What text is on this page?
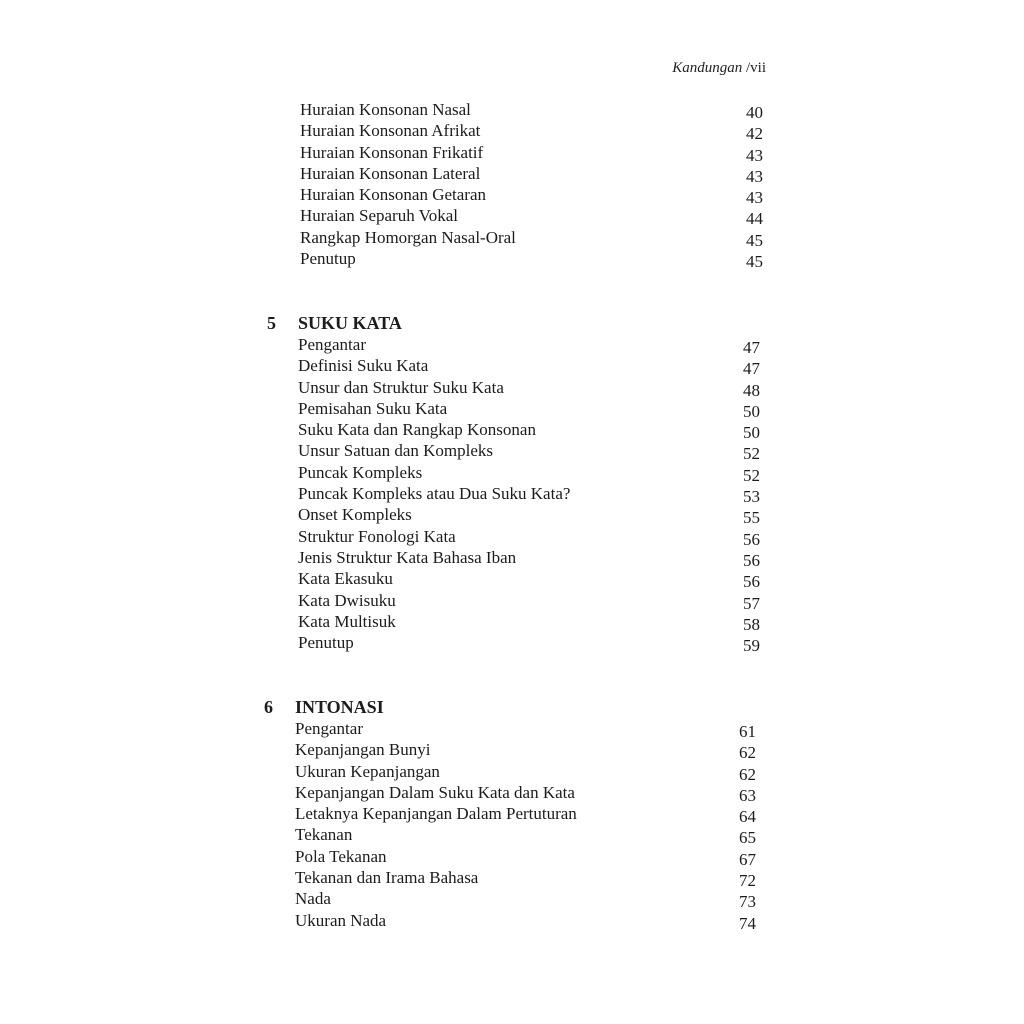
Kandungan /vii
Huraian Konsonan Nasal	40
Huraian Konsonan Afrikat	42
Huraian Konsonan Frikatif	43
Huraian Konsonan Lateral	43
Huraian Konsonan Getaran	43
Huraian Separuh Vokal	44
Rangkap Homorgan Nasal-Oral	45
Penutup	45
5 SUKU KATA
Pengantar	47
Definisi Suku Kata	47
Unsur dan Struktur Suku Kata	48
Pemisahan Suku Kata	50
Suku Kata dan Rangkap Konsonan	50
Unsur Satuan dan Kompleks	52
Puncak Kompleks	52
Puncak Kompleks atau Dua Suku Kata?	53
Onset Kompleks	55
Struktur Fonologi Kata	56
Jenis Struktur Kata Bahasa Iban	56
Kata Ekasuku	56
Kata Dwisuku	57
Kata Multisuk	58
Penutup	59
6 INTONASI
Pengantar	61
Kepanjangan Bunyi	62
Ukuran Kepanjangan	62
Kepanjangan Dalam Suku Kata dan Kata	63
Letaknya Kepanjangan Dalam Pertuturan	64
Tekanan	65
Pola Tekanan	67
Tekanan dan Irama Bahasa	72
Nada	73
Ukuran Nada	74
